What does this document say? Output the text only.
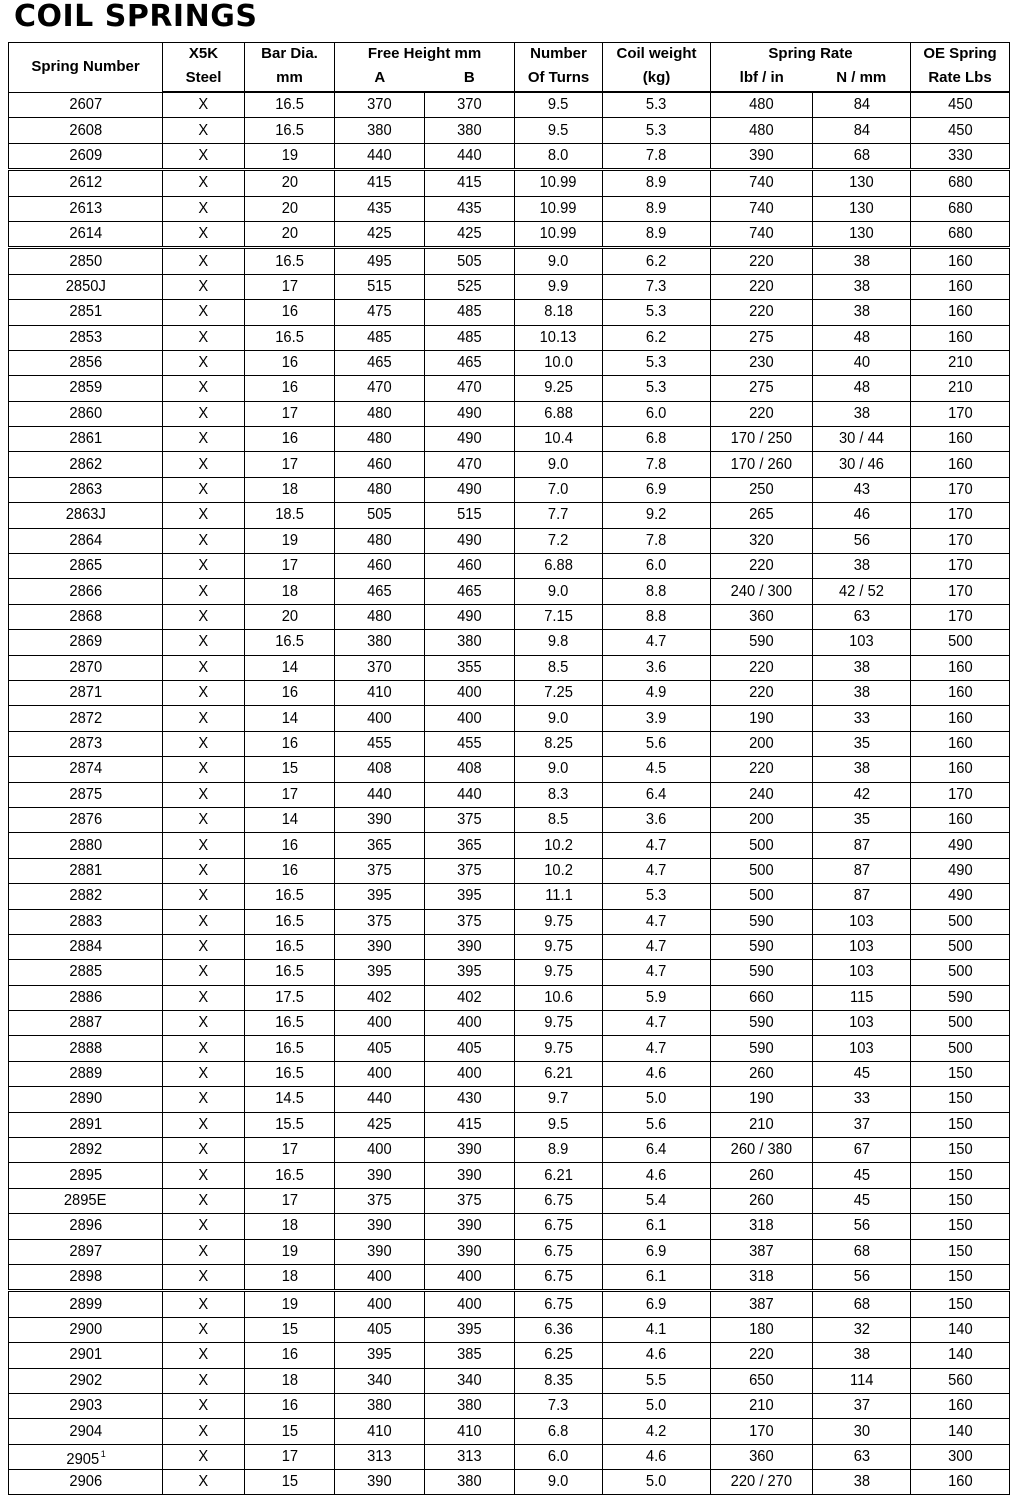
COIL SPRINGS
Spring Number	X5K	Bar Dia.	Free Height mm		Number	Coil weight	Spring Rate		OE Spring
	Steel	mm	A	B	Of Turns	(kg)	lbf / in	N / mm	Rate Lbs
2607	X	16.5	370	370	9.5	5.3	480	84	450
2608	X	16.5	380	380	9.5	5.3	480	84	450
2609	X	19	440	440	8.0	7.8	390	68	330
2612	X	20	415	415	10.99	8.9	740	130	680
2613	X	20	435	435	10.99	8.9	740	130	680
2614	X	20	425	425	10.99	8.9	740	130	680
2850	X	16.5	495	505	9.0	6.2	220	38	160
2850J	X	17	515	525	9.9	7.3	220	38	160
2851	X	16	475	485	8.18	5.3	220	38	160
2853	X	16.5	485	485	10.13	6.2	275	48	160
2856	X	16	465	465	10.0	5.3	230	40	210
2859	X	16	470	470	9.25	5.3	275	48	210
2860	X	17	480	490	6.88	6.0	220	38	170
2861	X	16	480	490	10.4	6.8	170 / 250	30 / 44	160
2862	X	17	460	470	9.0	7.8	170 / 260	30 / 46	160
2863	X	18	480	490	7.0	6.9	250	43	170
2863J	X	18.5	505	515	7.7	9.2	265	46	170
2864	X	19	480	490	7.2	7.8	320	56	170
2865	X	17	460	460	6.88	6.0	220	38	170
2866	X	18	465	465	9.0	8.8	240 / 300	42 / 52	170
2868	X	20	480	490	7.15	8.8	360	63	170
2869	X	16.5	380	380	9.8	4.7	590	103	500
2870	X	14	370	355	8.5	3.6	220	38	160
2871	X	16	410	400	7.25	4.9	220	38	160
2872	X	14	400	400	9.0	3.9	190	33	160
2873	X	16	455	455	8.25	5.6	200	35	160
2874	X	15	408	408	9.0	4.5	220	38	160
2875	X	17	440	440	8.3	6.4	240	42	170
2876	X	14	390	375	8.5	3.6	200	35	160
2880	X	16	365	365	10.2	4.7	500	87	490
2881	X	16	375	375	10.2	4.7	500	87	490
2882	X	16.5	395	395	11.1	5.3	500	87	490
2883	X	16.5	375	375	9.75	4.7	590	103	500
2884	X	16.5	390	390	9.75	4.7	590	103	500
2885	X	16.5	395	395	9.75	4.7	590	103	500
2886	X	17.5	402	402	10.6	5.9	660	115	590
2887	X	16.5	400	400	9.75	4.7	590	103	500
2888	X	16.5	405	405	9.75	4.7	590	103	500
2889	X	16.5	400	400	6.21	4.6	260	45	150
2890	X	14.5	440	430	9.7	5.0	190	33	150
2891	X	15.5	425	415	9.5	5.6	210	37	150
2892	X	17	400	390	8.9	6.4	260 / 380	67	150
2895	X	16.5	390	390	6.21	4.6	260	45	150
2895E	X	17	375	375	6.75	5.4	260	45	150
2896	X	18	390	390	6.75	6.1	318	56	150
2897	X	19	390	390	6.75	6.9	387	68	150
2898	X	18	400	400	6.75	6.1	318	56	150
2899	X	19	400	400	6.75	6.9	387	68	150
2900	X	15	405	395	6.36	4.1	180	32	140
2901	X	16	395	385	6.25	4.6	220	38	140
2902	X	18	340	340	8.35	5.5	650	114	560
2903	X	16	380	380	7.3	5.0	210	37	160
2904	X	15	410	410	6.8	4.2	170	30	140
2905$^1$	X	17	313	313	6.0	4.6	360	63	300
2906	X	15	390	380	9.0	5.0	220 / 270	38	160
